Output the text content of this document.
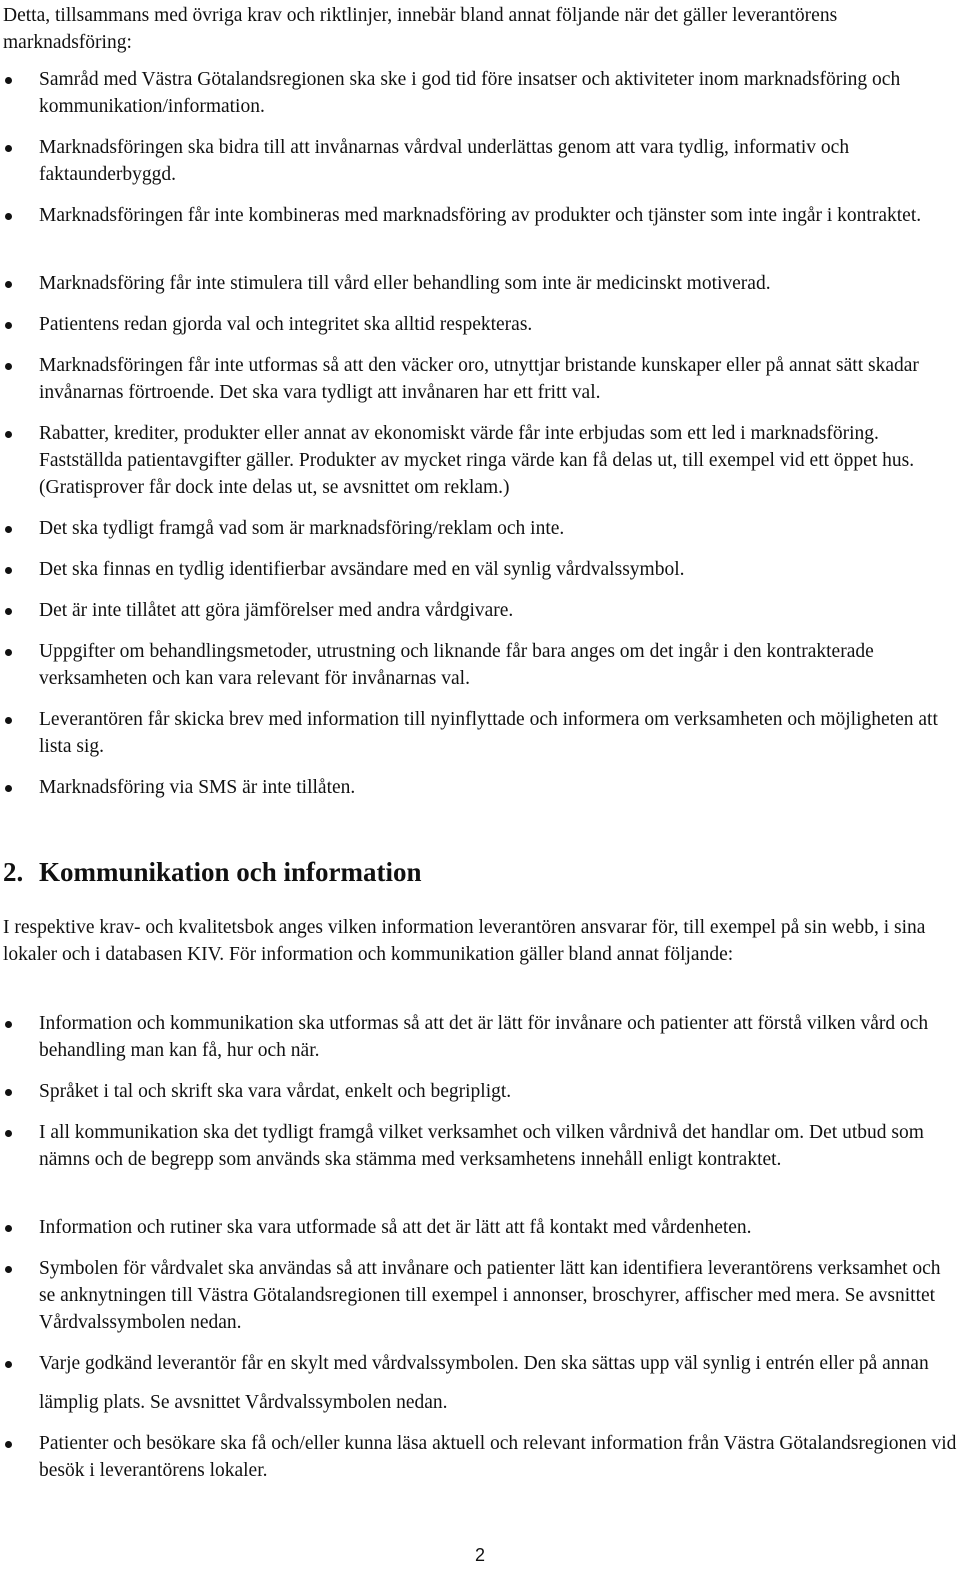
Detta, tillsammans med övriga krav och riktlinjer, innebär bland annat följande när det gäller leverantörens marknadsföring:

Samråd med Västra Götalandsregionen ska ske i god tid före insatser och aktiviteter inom marknadsföring och kommunikation/information.

Marknadsföringen ska bidra till att invånarnas vårdval underlättas genom att vara tydlig, informativ och faktaunderbyggd.

Marknadsföringen får inte kombineras med marknadsföring av produkter och tjänster som inte ingår i kontraktet.

Marknadsföring får inte stimulera till vård eller behandling som inte är medicinskt motiverad.

Patientens redan gjorda val och integritet ska alltid respekteras.

Marknadsföringen får inte utformas så att den väcker oro, utnyttjar bristande kunskaper eller på annat sätt skadar invånarnas förtroende. Det ska vara tydligt att invånaren har ett fritt val.

Rabatter, krediter, produkter eller annat av ekonomiskt värde får inte erbjudas som ett led i marknadsföring. Fastställda patientavgifter gäller. Produkter av mycket ringa värde kan få delas ut, till exempel vid ett öppet hus. (Gratisprover får dock inte delas ut, se avsnittet om reklam.)

Det ska tydligt framgå vad som är marknadsföring/reklam och inte.

Det ska finnas en tydlig identifierbar avsändare med en väl synlig vårdvalssymbol.

Det är inte tillåtet att göra jämförelser med andra vårdgivare.

Uppgifter om behandlingsmetoder, utrustning och liknande får bara anges om det ingår i den kontrakterade verksamheten och kan vara relevant för invånarnas val.

Leverantören får skicka brev med information till nyinflyttade och informera om verksamheten och möjligheten att lista sig.

Marknadsföring via SMS är inte tillåten.

2. Kommunikation och information

I respektive krav- och kvalitetsbok anges vilken information leverantören ansvarar för, till exempel på sin webb, i sina lokaler och i databasen KIV. För information och kommunikation gäller bland annat följande:

Information och kommunikation ska utformas så att det är lätt för invånare och patienter att förstå vilken vård och behandling man kan få, hur och när.

Språket i tal och skrift ska vara vårdat, enkelt och begripligt.

I all kommunikation ska det tydligt framgå vilket verksamhet och vilken vårdnivå det handlar om. Det utbud som nämns och de begrepp som används ska stämma med verksamhetens innehåll enligt kontraktet.

Information och rutiner ska vara utformade så att det är lätt att få kontakt med vårdenheten.

Symbolen för vårdvalet ska användas så att invånare och patienter lätt kan identifiera leverantörens verksamhet och se anknytningen till Västra Götalandsregionen till exempel i annonser, broschyrer, affischer med mera. Se avsnittet Vårdvalssymbolen nedan.

Varje godkänd leverantör får en skylt med vårdvalssymbolen. Den ska sättas upp väl synlig i entrén eller på annan lämplig plats. Se avsnittet Vårdvalssymbolen nedan.

Patienter och besökare ska få och/eller kunna läsa aktuell och relevant information från Västra Götalandsregionen vid besök i leverantörens lokaler.

2
